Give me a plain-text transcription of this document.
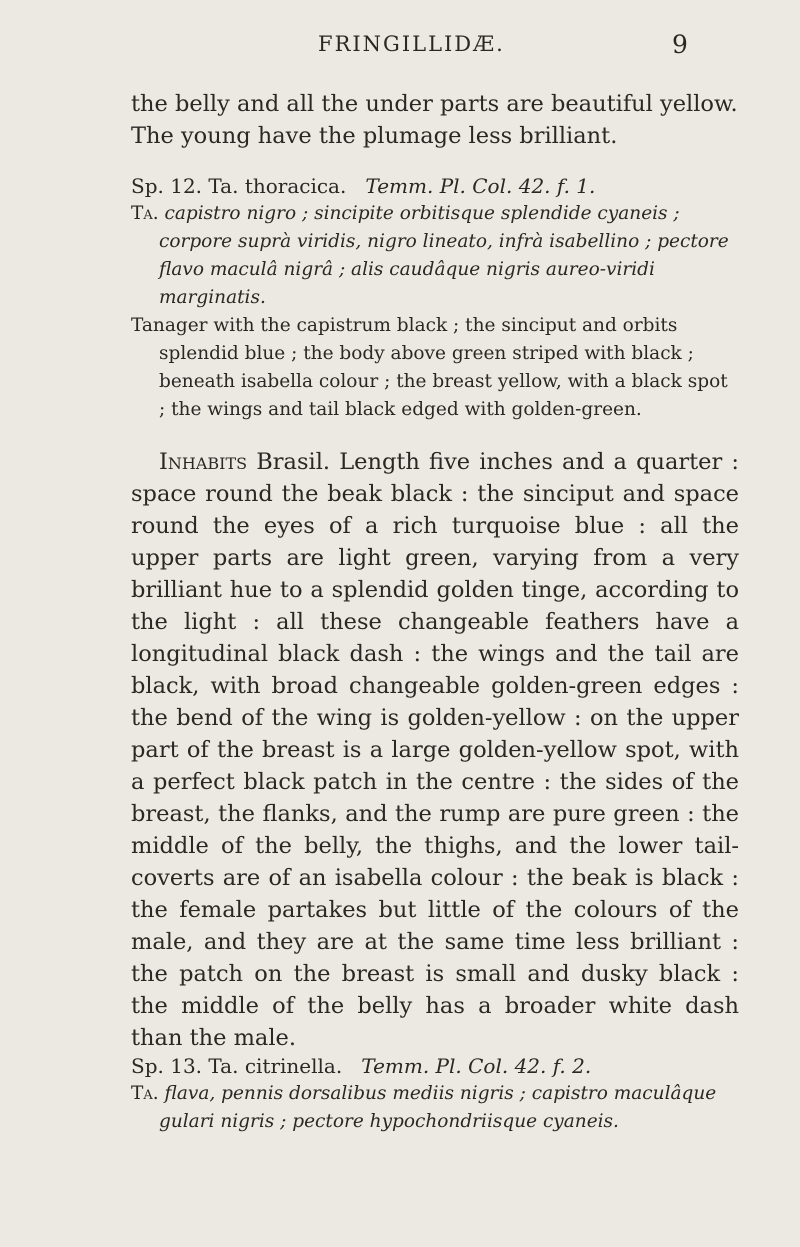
FRINGILLIDÆ.	9

the belly and all the under parts are beautiful yellow. The young have the plumage less brilliant.

Sp. 12. Ta. thoracica. Temm. Pl. Col. 42. f. 1.

Ta. capistro nigro ; sincipite orbitisque splendide cyaneis ; corpore suprà viridis, nigro lineato, infrà isabellino ; pectore flavo maculâ nigrâ ; alis caudâque nigris aureo-viridi marginatis.

Tanager with the capistrum black ; the sinciput and orbits splendid blue ; the body above green striped with black ; beneath isabella colour ; the breast yellow, with a black spot ; the wings and tail black edged with golden-green.

Inhabits Brasil. Length five inches and a quarter : space round the beak black : the sinciput and space round the eyes of a rich turquoise blue : all the upper parts are light green, varying from a very brilliant hue to a splendid golden tinge, according to the light : all these changeable feathers have a longitudinal black dash : the wings and the tail are black, with broad changeable golden-green edges : the bend of the wing is golden-yellow : on the upper part of the breast is a large golden-yellow spot, with a perfect black patch in the centre : the sides of the breast, the flanks, and the rump are pure green : the middle of the belly, the thighs, and the lower tail-coverts are of an isabella colour : the beak is black : the female partakes but little of the colours of the male, and they are at the same time less brilliant : the patch on the breast is small and dusky black : the middle of the belly has a broader white dash than the male.

Sp. 13. Ta. citrinella. Temm. Pl. Col. 42. f. 2.

Ta. flava, pennis dorsalibus mediis nigris ; capistro maculâque gulari nigris ; pectore hypochondriisque cyaneis.
